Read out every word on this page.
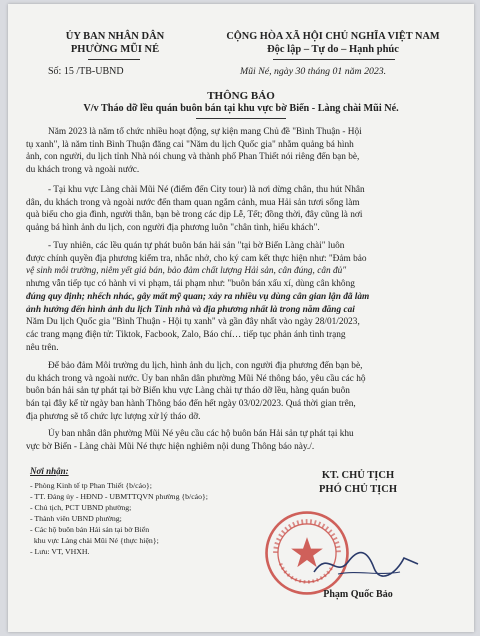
ỦY BAN NHÂN DÂN
PHƯỜNG MŨI NÉ
Số: 15 /TB-UBND
CỘNG HÒA XÃ HỘI CHỦ NGHĨA VIỆT NAM
Độc lập – Tự do – Hạnh phúc
Mũi Né, ngày 30 tháng 01 năm 2023.
THÔNG BÁO
V/v Tháo dỡ lều quán buôn bán tại khu vực bờ Biển - Làng chài Mũi Né.
Năm 2023 là năm tổ chức nhiều hoạt động, sự kiện mang Chủ đề "Bình Thuận - Hội
tụ xanh", là năm tỉnh Bình Thuận đăng cai "Năm du lịch Quốc gia" nhằm quảng bá hình
ảnh, con người, du lịch tỉnh Nhà nói chung và thành phố Phan Thiết nói riêng đến bạn bè,
du khách trong và ngoài nước.
- Tại khu vực Làng chài Mũi Né (điểm đến City tour) là nơi dừng chân, thu hút Nhân
dân, du khách trong và ngoài nước đến tham quan ngắm cảnh, mua Hải sản tươi sống làm
quà biếu cho gia đình, người thân, bạn bè trong các dịp Lễ, Tết; đồng thời, đây cũng là nơi
quảng bá hình ảnh du lịch, con người địa phương luôn "chân tình, hiếu khách".
- Tuy nhiên, các lều quán tự phát buôn bán hải sản "tại bờ Biển Làng chài" luôn
được chính quyền địa phương kiểm tra, nhắc nhở, cho ký cam kết thực hiện như: "Đảm bảo
vệ sinh môi trường, niêm yết giá bán, bảo đảm chất lượng Hải sản, cân đúng, cân đủ"
nhưng vẫn tiếp tục có hành vi vi phạm, tái phạm như: "buôn bán xấu xí, dùng cân không
đúng quy định; nhếch nhác, gây mất mỹ quan; xảy ra nhiều vụ dùng cân gian lận đã làm
ảnh hưởng đến hình ảnh du lịch Tỉnh nhà và địa phương nhất là trong năm đăng cai
Năm Du lịch Quốc gia "Bình Thuận - Hội tụ xanh" và gần đây nhất vào ngày 28/01/2023,
các trang mạng điện tử: Tiktok, Facbook, Zalo, Báo chí… tiếp tục phản ánh tình trạng
nêu trên.
Để bảo đảm Môi trường du lịch, hình ảnh du lịch, con người địa phương đến bạn bè,
du khách trong và ngoài nước. Ủy ban nhân dân phường Mũi Né thông báo, yêu cầu các hộ
buôn bán hải sản tự phát tại bờ Biển khu vực Làng chài tự tháo dỡ lều, hàng quán buôn
bán tại đây kể từ ngày ban hành Thông báo đến hết ngày 03/02/2023. Quá thời gian trên,
địa phương sẽ tổ chức lực lượng xử lý tháo dỡ.
Ủy ban nhân dân phường Mũi Né yêu cầu các hộ buôn bán Hải sản tự phát tại khu
vực bờ Biển - Làng chài Mũi Né thực hiện nghiêm nội dung Thông báo này./.
Nơi nhận:
- Phòng Kinh tế tp Phan Thiết {b/cáo};
- TT. Đảng ủy - HĐND - UBMTTQVN phường {b/cáo};
- Chủ tịch, PCT UBND phường;
- Thành viên UBND phường;
- Các hộ buôn bán Hải sản tại bờ Biển
khu vực Làng chài Mũi Né {thực hiện};
- Lưu: VT, VHXH.
KT. CHỦ TỊCH
PHÓ CHỦ TỊCH
Phạm Quốc Bảo
